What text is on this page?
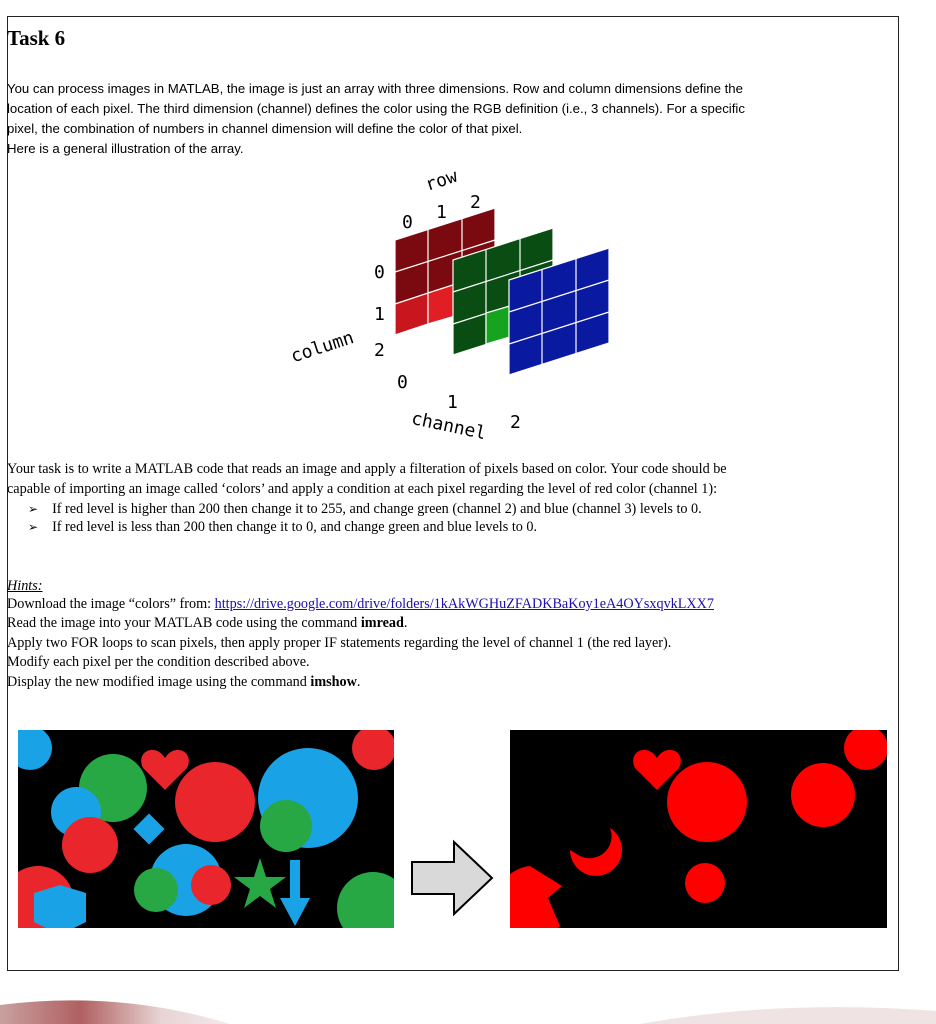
Task 6
You can process images in MATLAB, the image is just an array with three dimensions. Row and column dimensions define the
location of each pixel. The third dimension (channel) defines the color using the RGB definition (i.e., 3 channels). For a specific
pixel, the combination of numbers in channel dimension will define the color of that pixel.
Here is a general illustration of the array.
row
0 1 2
column
0
1
2
0
1
2
channel
Your task is to write a MATLAB code that reads an image and apply a filteration of pixels based on color. Your code should be
capable of importing an image called ‘colors’ and apply a condition at each pixel regarding the level of red color (channel 1):
➢ If red level is higher than 200 then change it to 255, and change green (channel 2) and blue (channel 3) levels to 0.
➢ If red level is less than 200 then change it to 0, and change green and blue levels to 0.
Hints:
Download the image “colors” from: https://drive.google.com/drive/folders/1kAkWGHuZFADKBaKoy1eA4OYsxqvkLXX7
Read the image into your MATLAB code using the command imread.
Apply two FOR loops to scan pixels, then apply proper IF statements regarding the level of channel 1 (the red layer).
Modify each pixel per the condition described above.
Display the new modified image using the command imshow.
